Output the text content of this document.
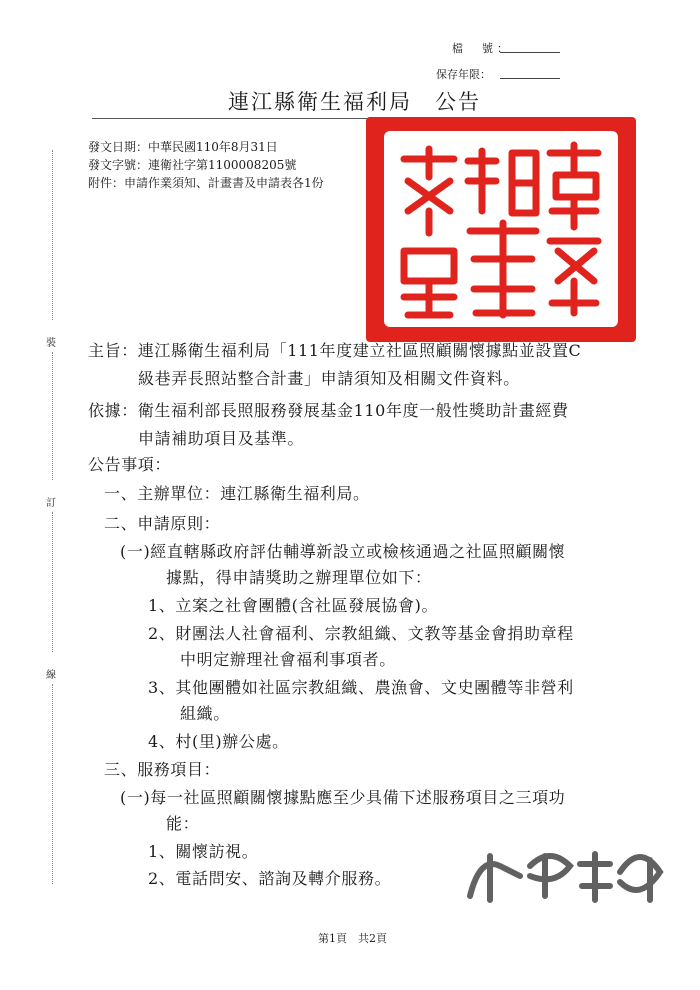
檔　號：
保存年限：
連江縣衛生福利局　公告
發文日期：中華民國110年8月31日
發文字號：連衛社字第1100008205號
附件：申請作業須知、計畫書及申請表各1份
裝
訂
線
主旨：連江縣衛生福利局「111年度建立社區照顧關懷據點並設置C
級巷弄長照站整合計畫」申請須知及相關文件資料。
依據：衛生福利部長照服務發展基金110年度一般性獎助計畫經費
申請補助項目及基準。
公告事項：
一、主辦單位：連江縣衛生福利局。
二、申請原則：
(一)經直轄縣政府評估輔導新設立或檢核通過之社區照顧關懷
據點，得申請獎助之辦理單位如下：
1、立案之社會團體(含社區發展協會)。
2、財團法人社會福利、宗教組織、文教等基金會捐助章程
中明定辦理社會福利事項者。
3、其他團體如社區宗教組織、農漁會、文史團體等非營利
組織。
4、村(里)辦公處。
三、服務項目：
(一)每一社區照顧關懷據點應至少具備下述服務項目之三項功
能：
1、關懷訪視。
2、電話問安、諮詢及轉介服務。
第1頁　共2頁
